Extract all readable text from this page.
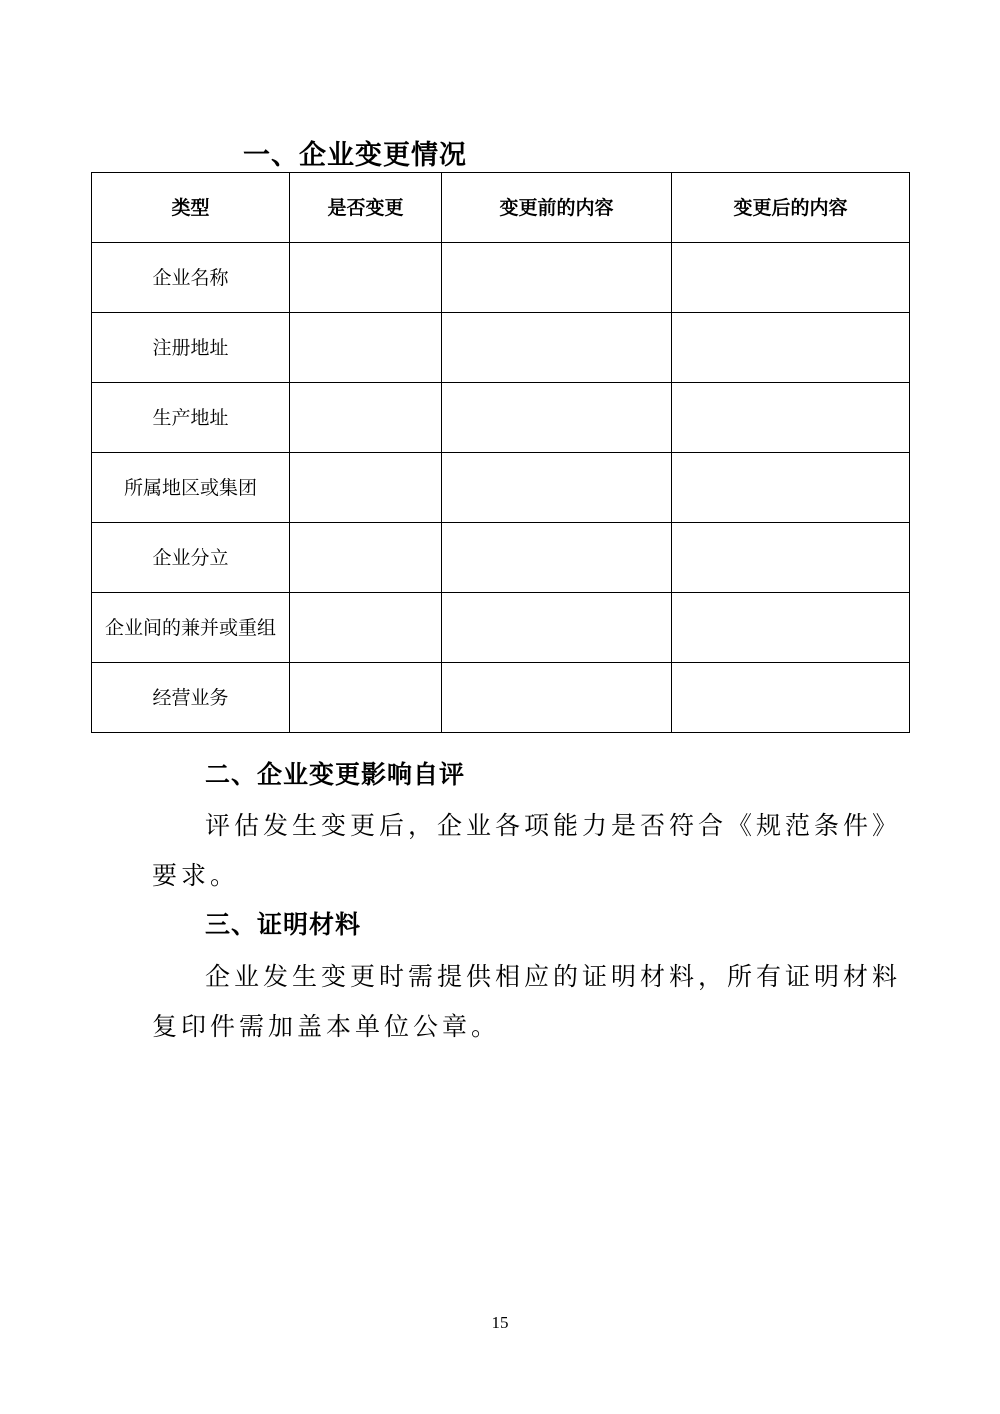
一、企业变更情况
类型	是否变更	变更前的内容	变更后的内容
企业名称			
注册地址			
生产地址			
所属地区或集团			
企业分立			
企业间的兼并或重组			
经营业务			
二、企业变更影响自评
评估发生变更后，企业各项能力是否符合《规范条件》
要求。
三、证明材料
企业发生变更时需提供相应的证明材料，所有证明材料
复印件需加盖本单位公章。
15
